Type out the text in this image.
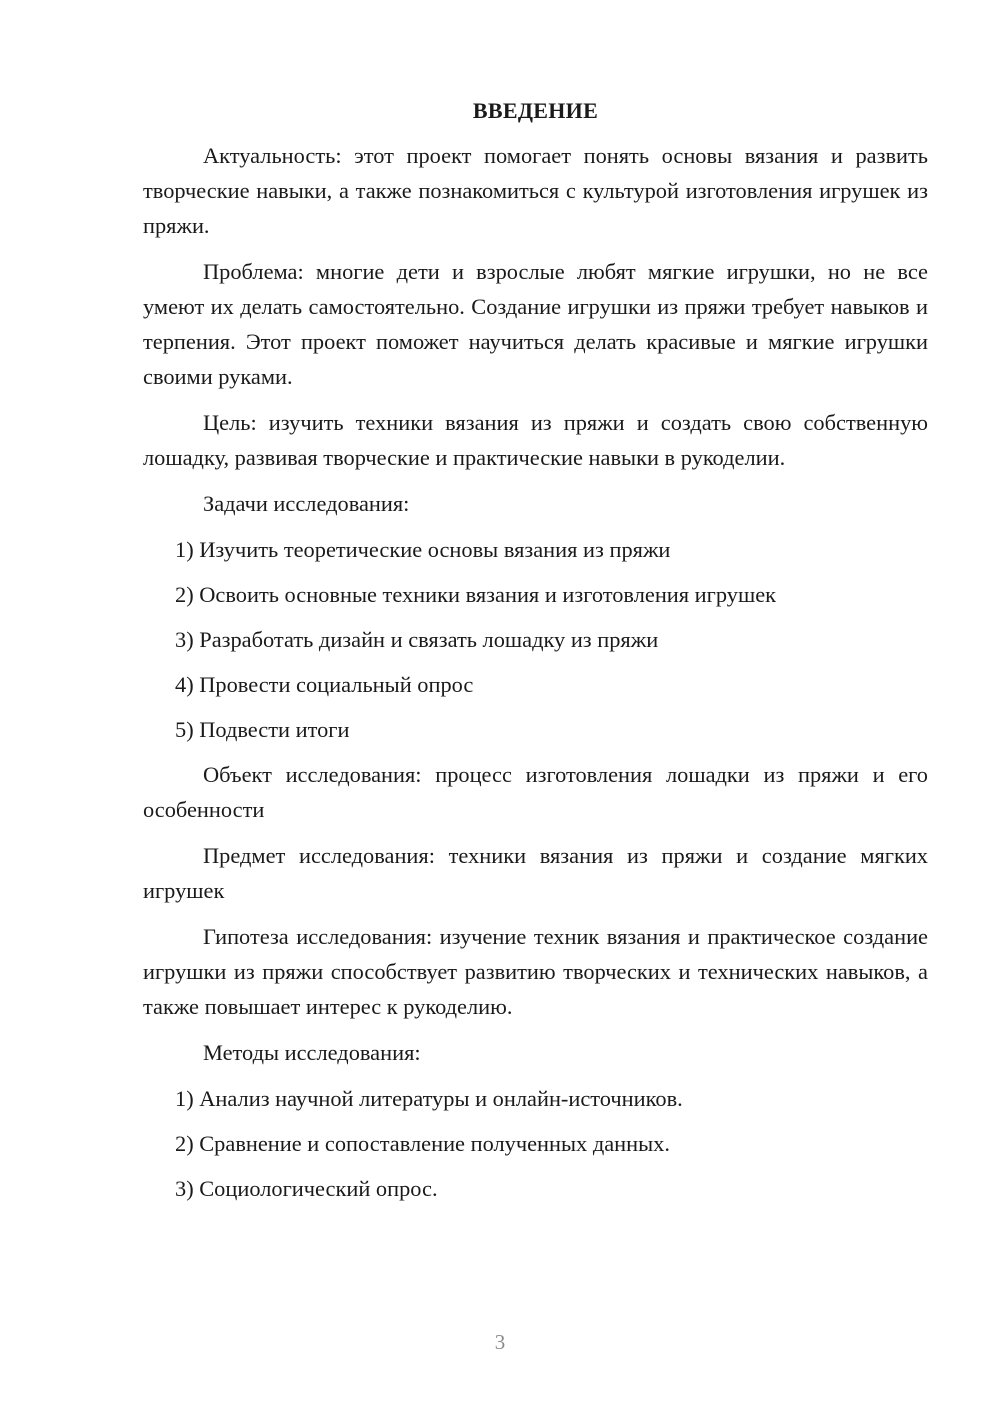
ВВЕДЕНИЕ

Актуальность: этот проект помогает понять основы вязания и развить творческие навыки, а также познакомиться с культурой изготовления игрушек из пряжи.

Проблема: многие дети и взрослые любят мягкие игрушки, но не все умеют их делать самостоятельно. Создание игрушки из пряжи требует навыков и терпения. Этот проект поможет научиться делать красивые и мягкие игрушки своими руками.

Цель: изучить техники вязания из пряжи и создать свою собственную лошадку, развивая творческие и практические навыки в рукоделии.

Задачи исследования:
1) Изучить теоретические основы вязания из пряжи
2) Освоить основные техники вязания и изготовления игрушек
3) Разработать дизайн и связать лошадку из пряжи
4) Провести социальный опрос
5) Подвести итоги

Объект исследования: процесс изготовления лошадки из пряжи и его особенности

Предмет исследования: техники вязания из пряжи и создание мягких игрушек

Гипотеза исследования: изучение техник вязания и практическое создание игрушки из пряжи способствует развитию творческих и технических навыков, а также повышает интерес к рукоделию.

Методы исследования:
1) Анализ научной литературы и онлайн-источников.
2) Сравнение и сопоставление полученных данных.
3) Социологический опрос.
3
